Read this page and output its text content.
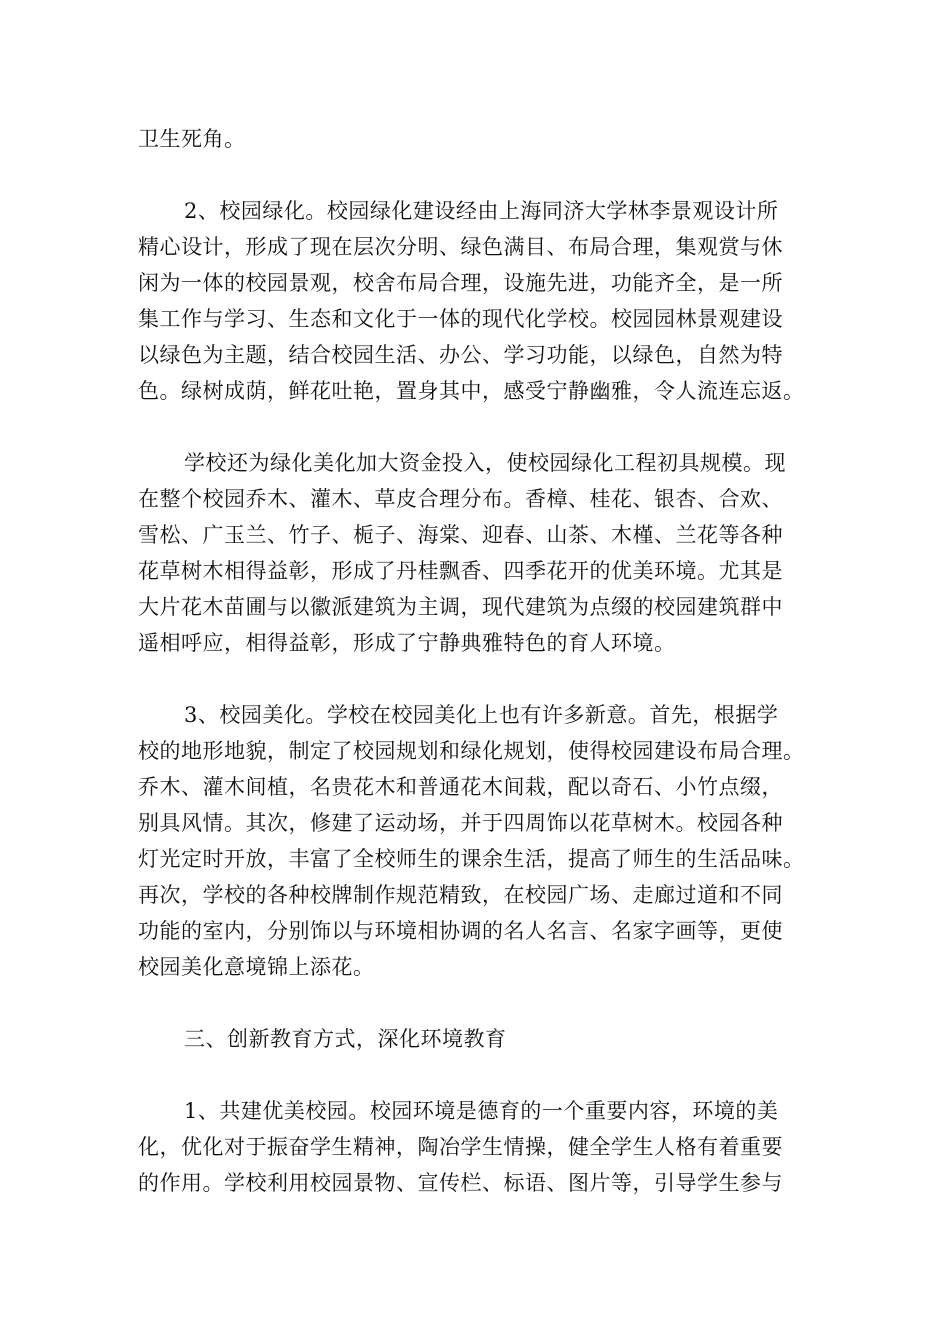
卫生死角。
2、校园绿化。校园绿化建设经由上海同济大学林李景观设计所
精心设计，形成了现在层次分明、绿色满目、布局合理，集观赏与休
闲为一体的校园景观，校舍布局合理，设施先进，功能齐全，是一所
集工作与学习、生态和文化于一体的现代化学校。校园园林景观建设
以绿色为主题，结合校园生活、办公、学习功能，以绿色，自然为特
色。绿树成荫，鲜花吐艳，置身其中，感受宁静幽雅，令人流连忘返。
学校还为绿化美化加大资金投入，使校园绿化工程初具规模。现
在整个校园乔木、灌木、草皮合理分布。香樟、桂花、银杏、合欢、
雪松、广玉兰、竹子、栀子、海棠、迎春、山茶、木槿、兰花等各种
花草树木相得益彰，形成了丹桂飘香、四季花开的优美环境。尤其是
大片花木苗圃与以徽派建筑为主调，现代建筑为点缀的校园建筑群中
遥相呼应，相得益彰，形成了宁静典雅特色的育人环境。
3、校园美化。学校在校园美化上也有许多新意。首先，根据学
校的地形地貌，制定了校园规划和绿化规划，使得校园建设布局合理。
乔木、灌木间植，名贵花木和普通花木间栽，配以奇石、小竹点缀，
别具风情。其次，修建了运动场，并于四周饰以花草树木。校园各种
灯光定时开放，丰富了全校师生的课余生活，提高了师生的生活品味。
再次，学校的各种校牌制作规范精致，在校园广场、走廊过道和不同
功能的室内，分别饰以与环境相协调的名人名言、名家字画等，更使
校园美化意境锦上添花。
三、创新教育方式，深化环境教育
1、共建优美校园。校园环境是德育的一个重要内容，环境的美
化，优化对于振奋学生精神，陶冶学生情操，健全学生人格有着重要
的作用。学校利用校园景物、宣传栏、标语、图片等，引导学生参与
